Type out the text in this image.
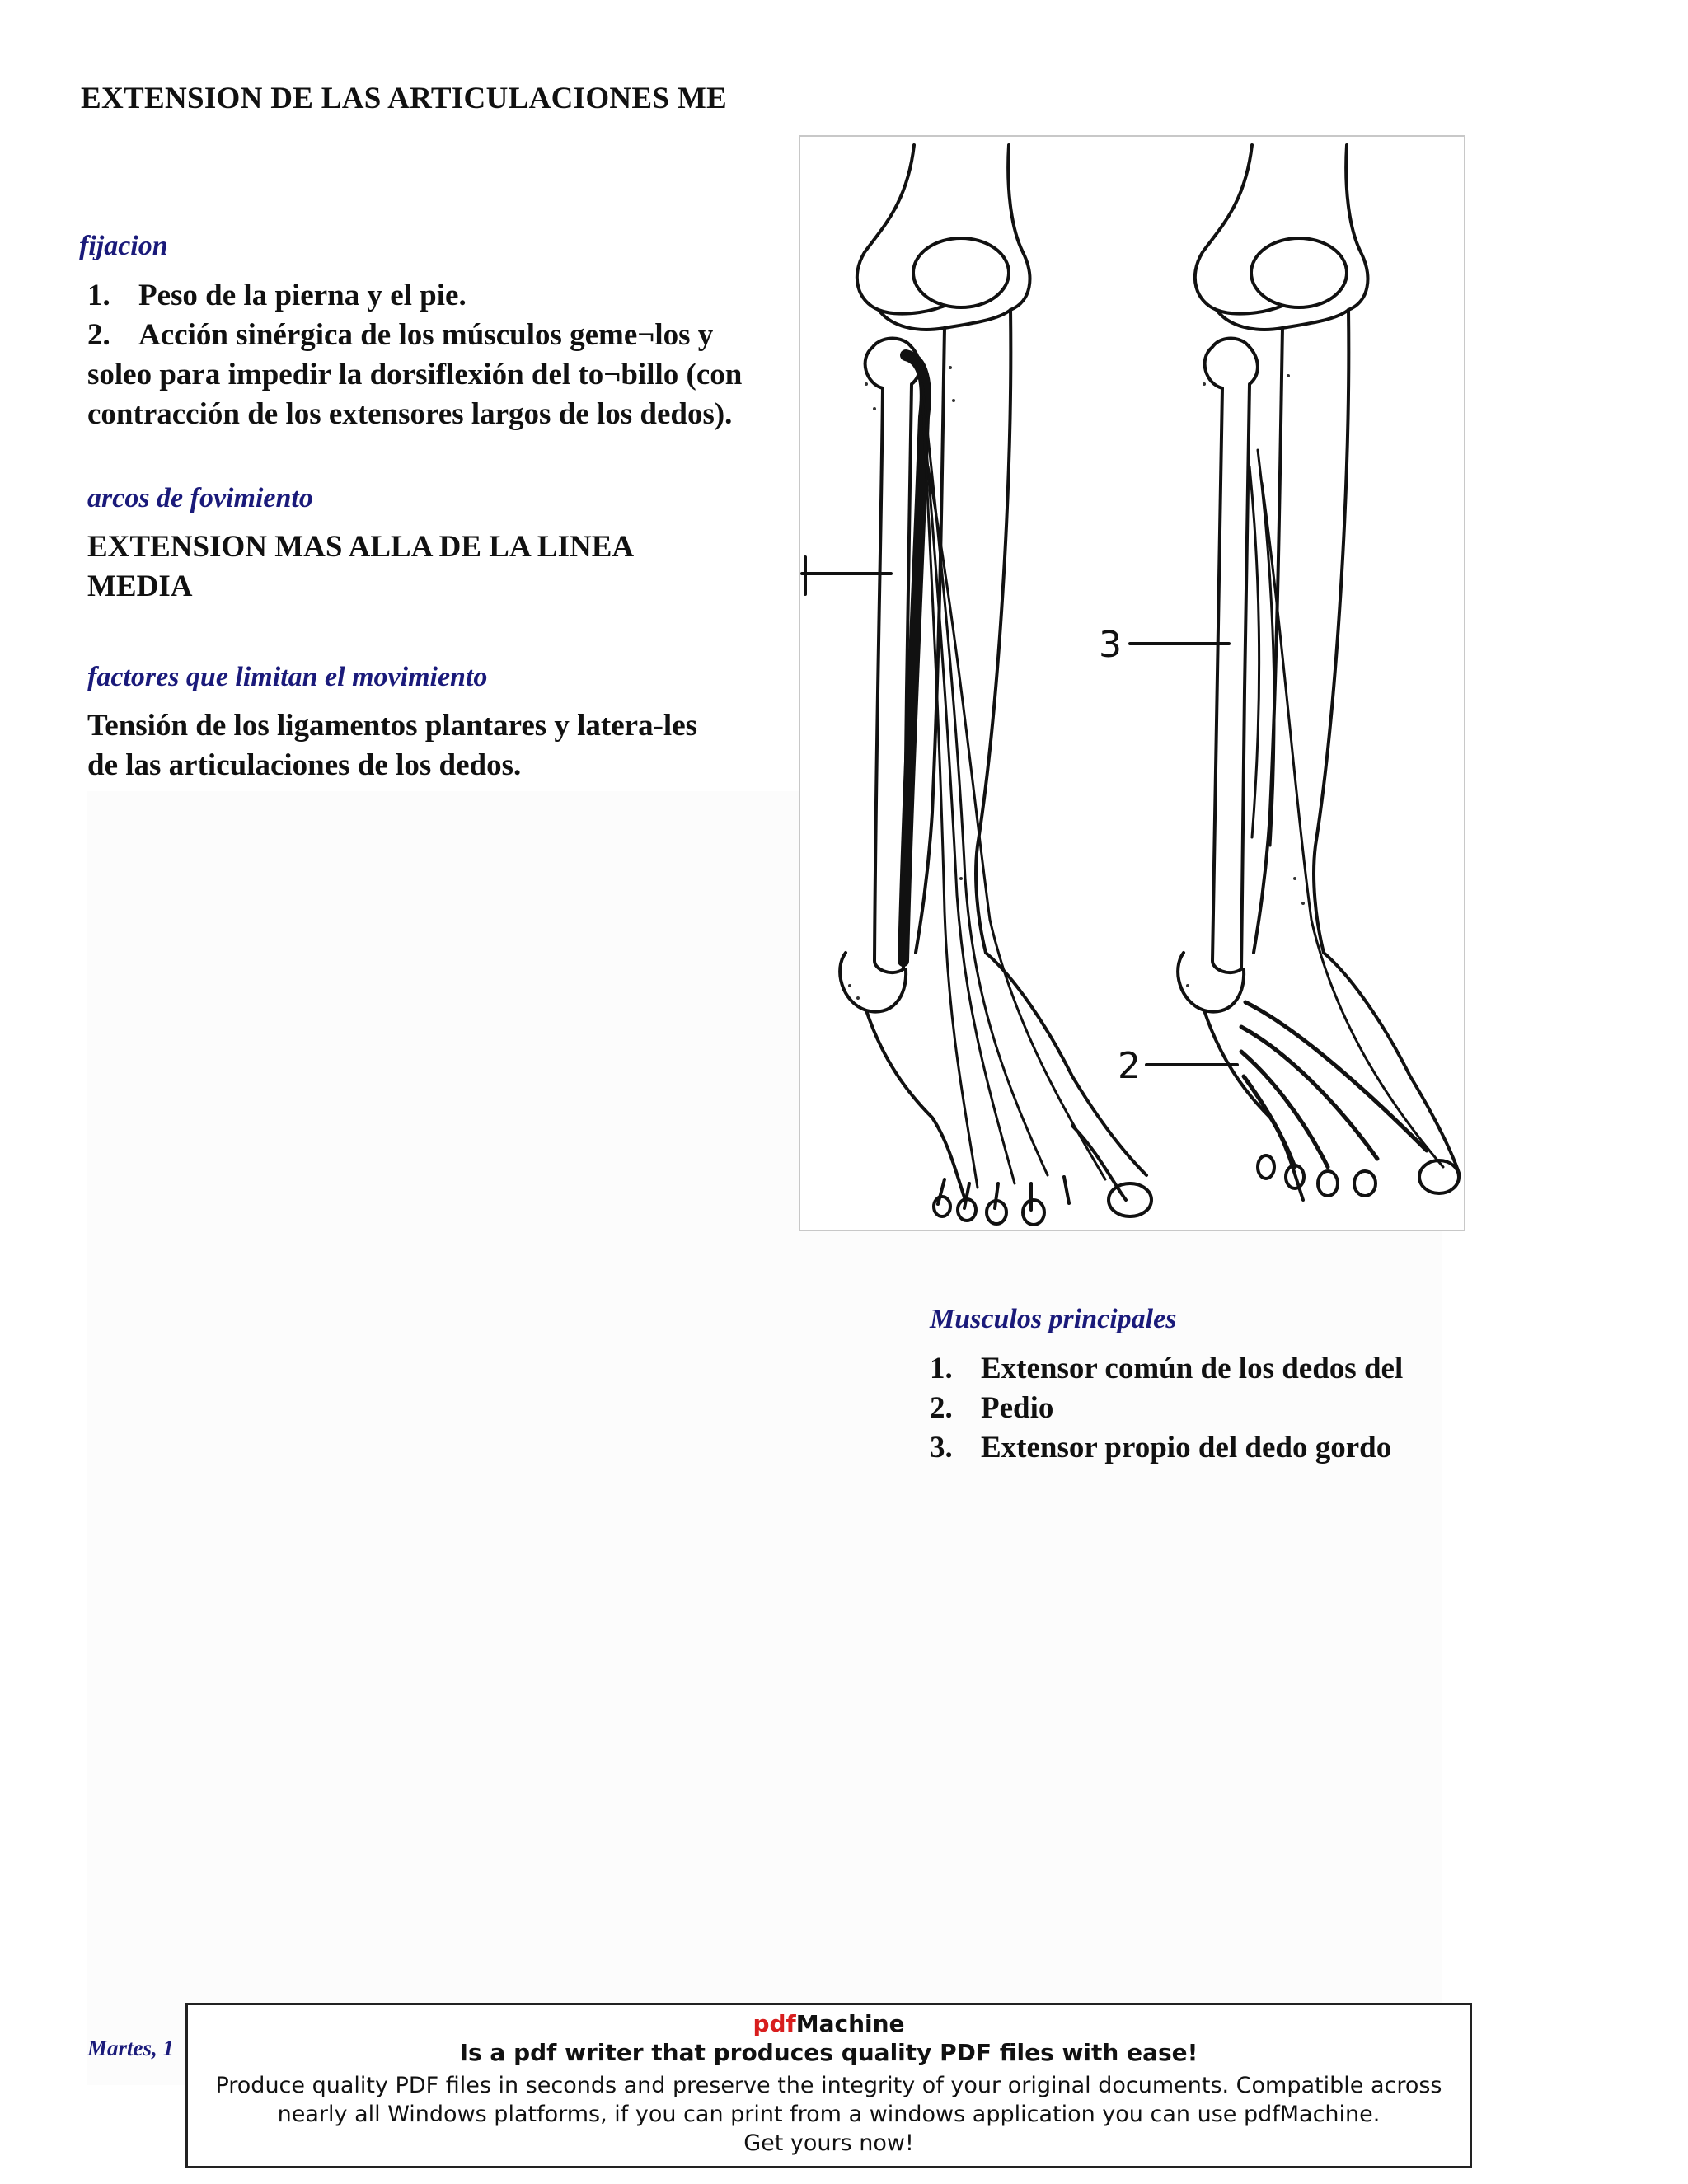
EXTENSION DE LAS ARTICULACIONES ME
fijacion
1. Peso de la pierna y el pie.
2. Acción sinérgica de los músculos geme¬los y soleo para impedir la dorsiflexión del to¬billo (con contracción de los extensores largos de los dedos).
arcos de fovimiento
EXTENSION MAS ALLA DE LA LINEA MEDIA
factores que limitan el movimiento
Tensión de los ligamentos plantares y latera-les de las articulaciones de los dedos.
3
2
Musculos principales
1. Extensor común de los dedos del
2. Pedio
3. Extensor propio del dedo gordo
Martes, 1
pdfMachine
Is a pdf writer that produces quality PDF files with ease!
Produce quality PDF files in seconds and preserve the integrity of your original documents. Compatible across nearly all Windows platforms, if you can print from a windows application you can use pdfMachine.
Get yours now!
